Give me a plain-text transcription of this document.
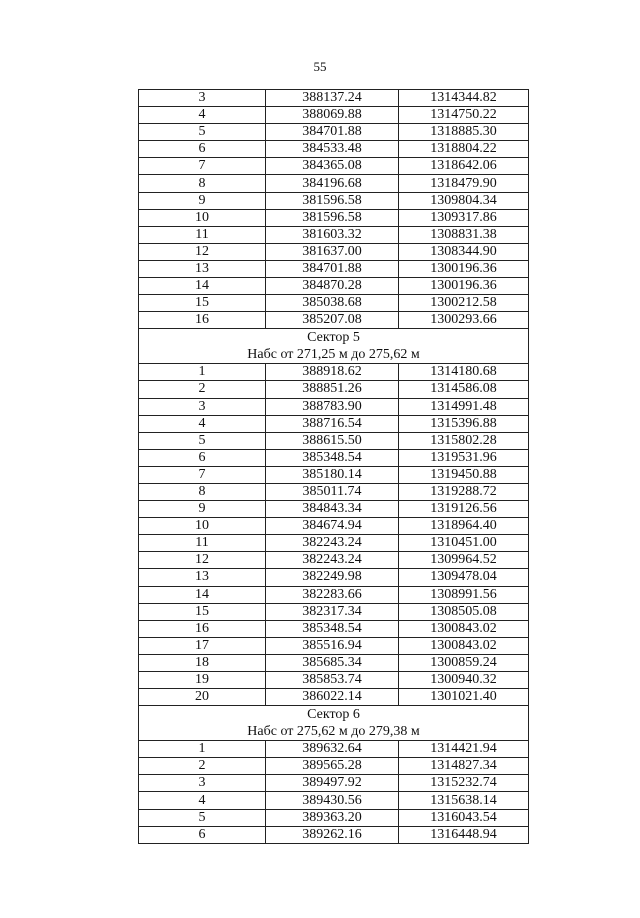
55
3	388137.24	1314344.82
4	388069.88	1314750.22
5	384701.88	1318885.30
6	384533.48	1318804.22
7	384365.08	1318642.06
8	384196.68	1318479.90
9	381596.58	1309804.34
10	381596.58	1309317.86
11	381603.32	1308831.38
12	381637.00	1308344.90
13	384701.88	1300196.36
14	384870.28	1300196.36
15	385038.68	1300212.58
16	385207.08	1300293.66

Сектор 5
Набс от 271,25 м до 275,62 м		

1	388918.62	1314180.68
2	388851.26	1314586.08
3	388783.90	1314991.48
4	388716.54	1315396.88
5	388615.50	1315802.28
6	385348.54	1319531.96
7	385180.14	1319450.88
8	385011.74	1319288.72
9	384843.34	1319126.56
10	384674.94	1318964.40
11	382243.24	1310451.00
12	382243.24	1309964.52
13	382249.98	1309478.04
14	382283.66	1308991.56
15	382317.34	1308505.08
16	385348.54	1300843.02
17	385516.94	1300843.02
18	385685.34	1300859.24
19	385853.74	1300940.32
20	386022.14	1301021.40

Сектор 6
Набс от 275,62 м до 279,38 м		

1	389632.64	1314421.94
2	389565.28	1314827.34
3	389497.92	1315232.74
4	389430.56	1315638.14
5	389363.20	1316043.54
6	389262.16	1316448.94
